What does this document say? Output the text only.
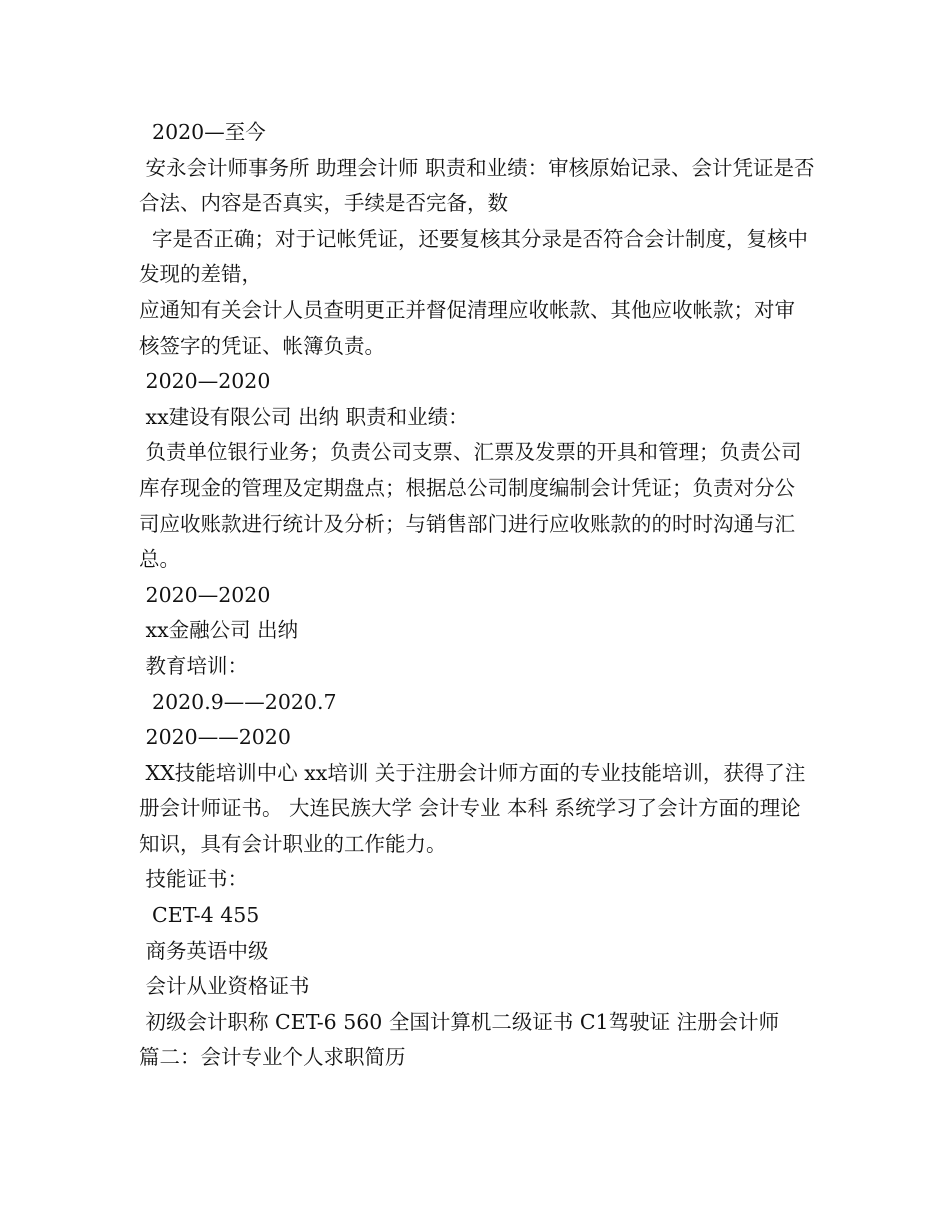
2020—至今

安永会计师事务所 助理会计师 职责和业绩：审核原始记录、会计凭证是否合法、内容是否真实，手续是否完备，数

字是否正确；对于记帐凭证，还要复核其分录是否符合会计制度，复核中发现的差错，

应通知有关会计人员查明更正并督促清理应收帐款、其他应收帐款；对审核签字的凭证、帐簿负责。

2020—2020

xx建设有限公司 出纳 职责和业绩：

负责单位银行业务；负责公司支票、汇票及发票的开具和管理；负责公司库存现金的管理及定期盘点；根据总公司制度编制会计凭证；负责对分公司应收账款进行统计及分析；与销售部门进行应收账款的的时时沟通与汇总。

2020—2020

xx金融公司 出纳

教育培训：

2020.9——2020.7

2020——2020

XX技能培训中心 xx培训 关于注册会计师方面的专业技能培训，获得了注册会计师证书。 大连民族大学 会计专业 本科 系统学习了会计方面的理论知识，具有会计职业的工作能力。

技能证书：

CET-4 455

商务英语中级

会计从业资格证书

初级会计职称 CET-6 560 全国计算机二级证书 C1驾驶证 注册会计师

篇二：会计专业个人求职简历
